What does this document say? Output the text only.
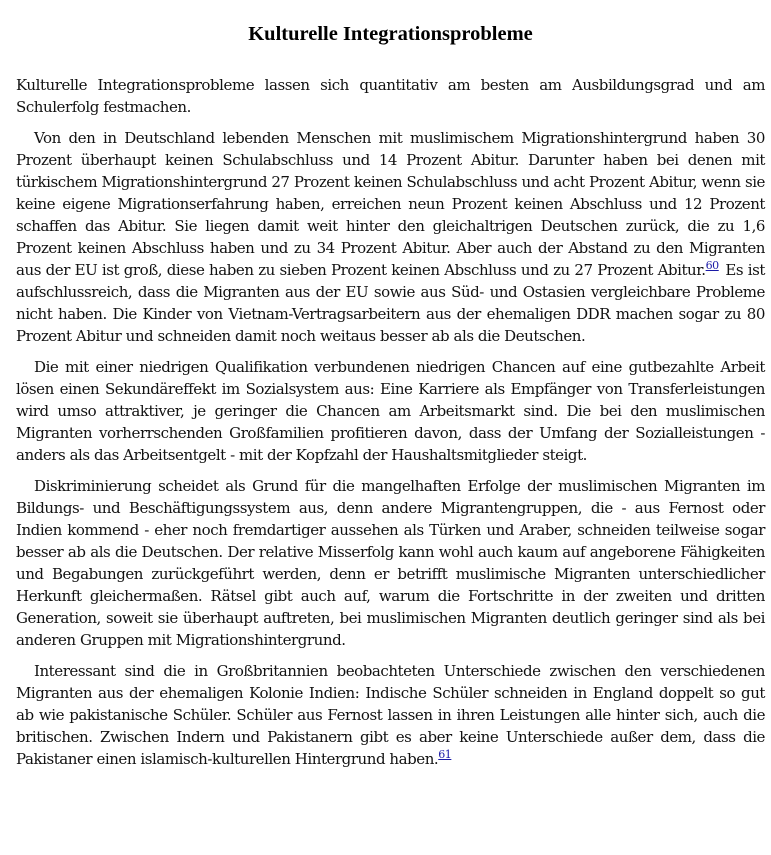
Kulturelle Integrationsprobleme

Kulturelle Integrationsprobleme lassen sich quantitativ am besten am Ausbildungsgrad und am Schulerfolg festmachen.

Von den in Deutschland lebenden Menschen mit muslimischem Migrationshintergrund haben 30 Prozent überhaupt keinen Schulabschluss und 14 Prozent Abitur. Darunter haben bei denen mit türkischem Migrationshintergrund 27 Prozent keinen Schulabschluss und acht Prozent Abitur, wenn sie keine eigene Migrationserfahrung haben, erreichen neun Prozent keinen Abschluss und 12 Prozent schaffen das Abitur. Sie liegen damit weit hinter den gleichaltrigen Deutschen zurück, die zu 1,6 Prozent keinen Abschluss haben und zu 34 Prozent Abitur. Aber auch der Abstand zu den Migranten aus der EU ist groß, diese haben zu sieben Prozent keinen Abschluss und zu 27 Prozent Abitur.$^{60}$ Es ist aufschlussreich, dass die Migranten aus der EU sowie aus Süd- und Ostasien vergleichbare Probleme nicht haben. Die Kinder von Vietnam-Vertragsarbeitern aus der ehemaligen DDR machen sogar zu 80 Prozent Abitur und schneiden damit noch weitaus besser ab als die Deutschen.

Die mit einer niedrigen Qualifikation verbundenen niedrigen Chancen auf eine gutbezahlte Arbeit lösen einen Sekundäreffekt im Sozialsystem aus: Eine Karriere als Empfänger von Transferleistungen wird umso attraktiver, je geringer die Chancen am Arbeitsmarkt sind. Die bei den muslimischen Migranten vorherrschenden Großfamilien profitieren davon, dass der Umfang der Sozialleistungen - anders als das Arbeitsentgelt - mit der Kopfzahl der Haushaltsmitglieder steigt.

Diskriminierung scheidet als Grund für die mangelhaften Erfolge der muslimischen Migranten im Bildungs- und Beschäftigungssystem aus, denn andere Migrantengruppen, die - aus Fernost oder Indien kommend - eher noch fremdartiger aussehen als Türken und Araber, schneiden teilweise sogar besser ab als die Deutschen. Der relative Misserfolg kann wohl auch kaum auf angeborene Fähigkeiten und Begabungen zurückgeführt werden, denn er betrifft muslimische Migranten unterschiedlicher Herkunft gleichermaßen. Rätsel gibt auch auf, warum die Fortschritte in der zweiten und dritten Generation, soweit sie überhaupt auftreten, bei muslimischen Migranten deutlich geringer sind als bei anderen Gruppen mit Migrationshintergrund.

Interessant sind die in Großbritannien beobachteten Unterschiede zwischen den verschiedenen Migranten aus der ehemaligen Kolonie Indien: Indische Schüler schneiden in England doppelt so gut ab wie pakistanische Schüler. Schüler aus Fernost lassen in ihren Leistungen alle hinter sich, auch die britischen. Zwischen Indern und Pakistanern gibt es aber keine Unterschiede außer dem, dass die Pakistaner einen islamisch-kulturellen Hintergrund haben.$^{61}$
